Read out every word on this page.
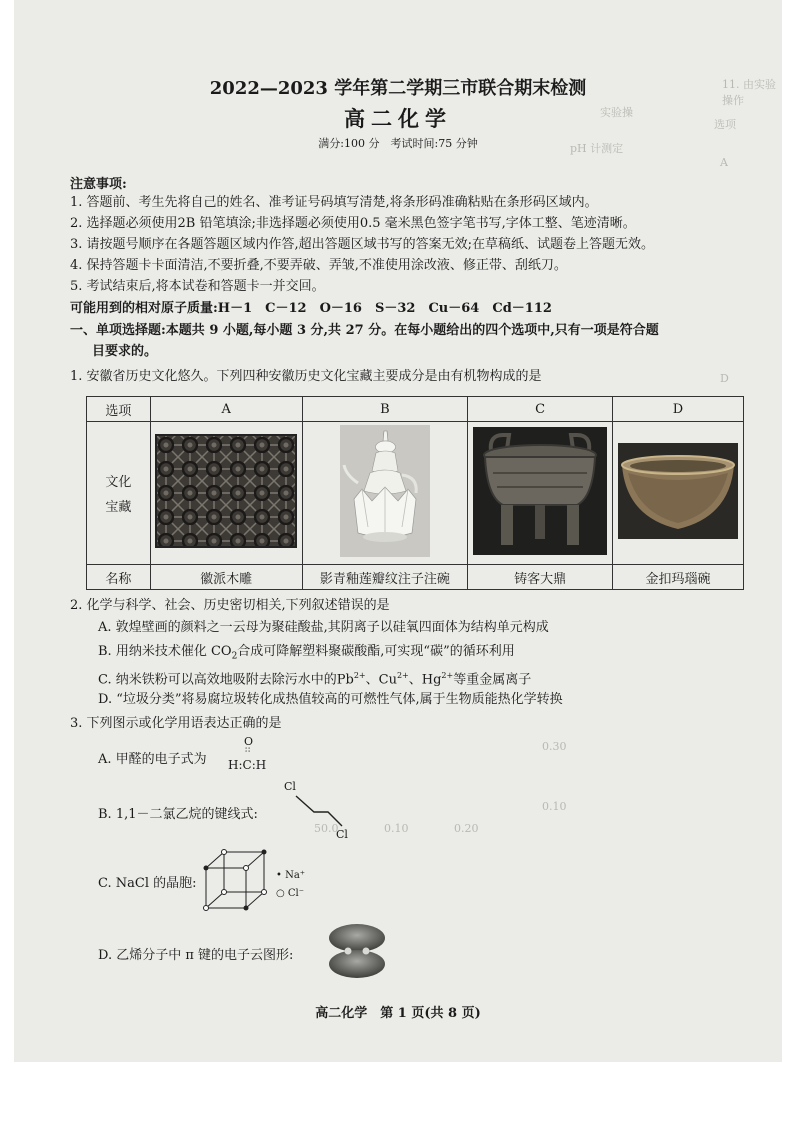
11. 由实验操作
选项
实验操
pH 计测定
A
D
0.30
0.10
50.0	0.10	0.20
2022—2023 学年第二学期三市联合期末检测
高二化学
满分:100 分　考试时间:75 分钟
注意事项:
1. 答题前、考生先将自己的姓名、准考证号码填写清楚,将条形码准确粘贴在条形码区域内。
2. 选择题必须使用2B 铅笔填涂;非选择题必须使用0.5 毫米黑色签字笔书写,字体工整、笔迹清晰。
3. 请按题号顺序在各题答题区域内作答,超出答题区域书写的答案无效;在草稿纸、试题卷上答题无效。
4. 保持答题卡卡面清洁,不要折叠,不要弄破、弄皱,不准使用涂改液、修正带、刮纸刀。
5. 考试结束后,将本试卷和答题卡一并交回。
可能用到的相对原子质量:H－1　C－12　O－16　S－32　Cu－64　Cd－112
一、单项选择题:本题共 9 小题,每小题 3 分,共 27 分。在每小题给出的四个选项中,只有一项是符合题
目要求的。
1. 安徽省历史文化悠久。下列四种安徽历史文化宝藏主要成分是由有机物构成的是
选项	A	B	C	D

文化
宝藏

名称	徽派木雕	影青釉莲瓣纹注子注碗	铸客大鼎	金扣玛瑙碗
2. 化学与科学、社会、历史密切相关,下列叙述错误的是
A. 敦煌壁画的颜料之一云母为聚硅酸盐,其阴离子以硅氧四面体为结构单元构成
B. 用纳米技术催化 $CO_2$合成可降解塑料聚碳酸酯,可实现“碳”的循环利用
C. 纳米铁粉可以高效地吸附去除污水中的$Pb^{2+}$、$Cu^{2+}$、$Hg^{2+}$等重金属离子
D. “垃圾分类”将易腐垃圾转化成热值较高的可燃性气体,属于生物质能热化学转换
3. 下列图示或化学用语表达正确的是
A. 甲醛的电子式为
O
::
H:C:H
B. 1,1－二氯乙烷的键线式:
Cl
Cl
C. NaCl 的晶胞:
• Na⁺
○ Cl⁻
D. 乙烯分子中 π 键的电子云图形:
高二化学　第 1 页(共 8 页)
